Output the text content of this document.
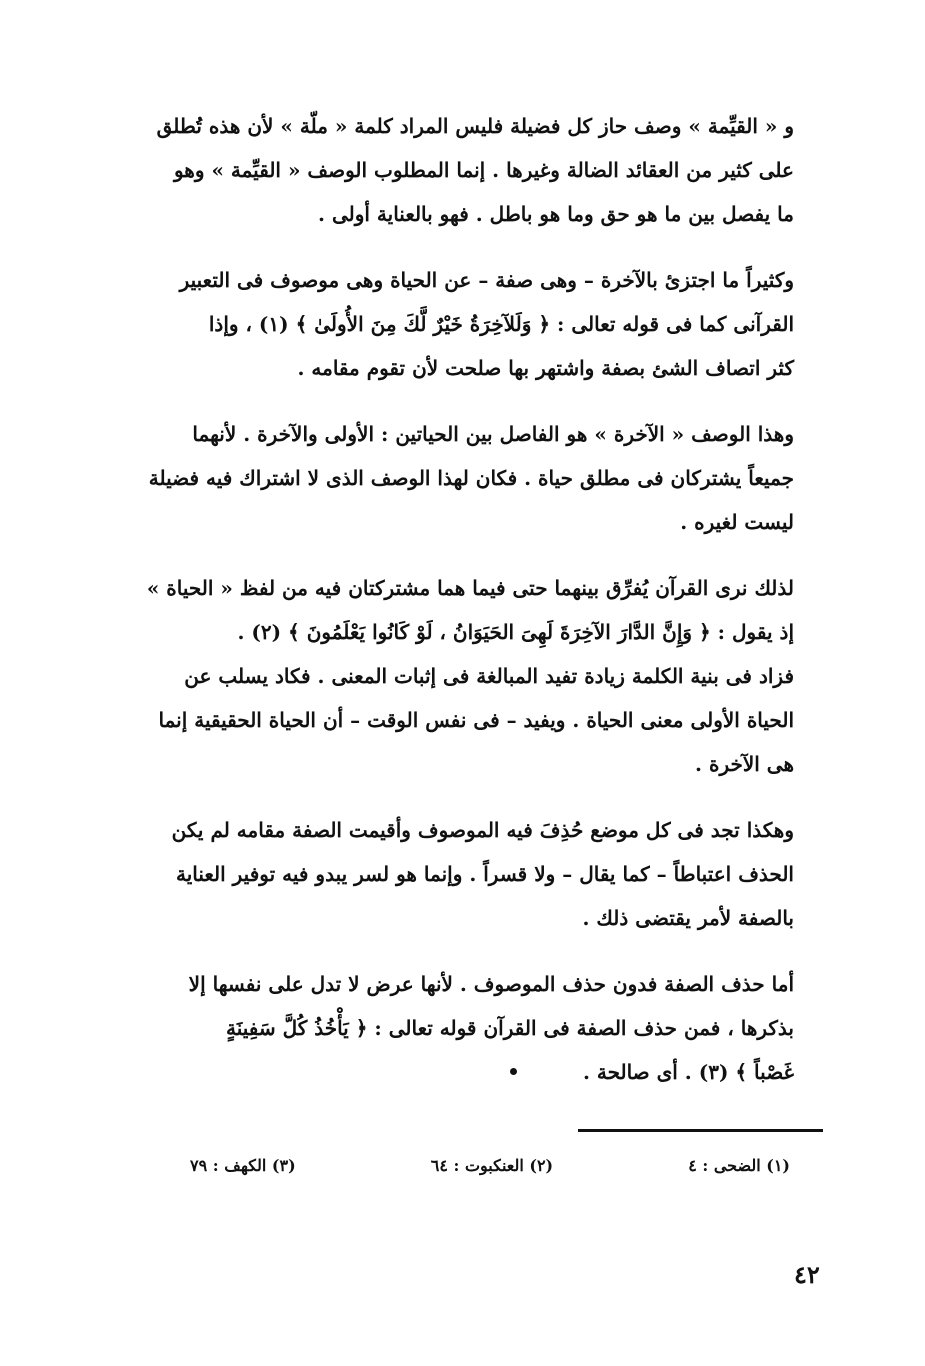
و « القيِّمة » وصف حاز كل فضيلة فليس المراد كلمة « ملّة » لأن هذه تُطلق
على كثير من العقائد الضالة وغيرها . إنما المطلوب الوصف « القيِّمة » وهو
ما يفصل بين ما هو حق وما هو باطل . فهو بالعناية أولى .
وكثيراً ما اجتزئ بالآخرة – وهى صفة – عن الحياة وهى موصوف فى التعبير
القرآنى كما فى قوله تعالى : ﴿ وَلَلآخِرَةُ خَيْرٌ لَّكَ مِنَ الأُولَىٰ ﴾ (١) ، وإذا
كثر اتصاف الشئ بصفة واشتهر بها صلحت لأن تقوم مقامه .
وهذا الوصف « الآخرة » هو الفاصل بين الحياتين : الأولى والآخرة . لأنهما
جميعاً يشتركان فى مطلق حياة . فكان لهذا الوصف الذى لا اشتراك فيه فضيلة
ليست لغيره .
لذلك نرى القرآن يُفرِّق بينهما حتى فيما هما مشتركتان فيه من لفظ « الحياة »
إذ يقول : ﴿ وَإِنَّ الدَّارَ الآخِرَةَ لَهِىَ الحَيَوَانُ ، لَوْ كَانُوا يَعْلَمُونَ ﴾ (٢) .
فزاد فى بنية الكلمة زيادة تفيد المبالغة فى إثبات المعنى . فكاد يسلب عن
الحياة الأولى معنى الحياة . ويفيد – فى نفس الوقت – أن الحياة الحقيقية إنما
هى الآخرة .
وهكذا تجد فى كل موضع حُذِفَ فيه الموصوف وأقيمت الصفة مقامه لم يكن
الحذف اعتباطاً – كما يقال – ولا قسراً . وإنما هو لسر يبدو فيه توفير العناية
بالصفة لأمر يقتضى ذلك .
أما حذف الصفة فدون حذف الموصوف . لأنها عرض لا تدل على نفسها إلا
بذكرها ، فمن حذف الصفة فى القرآن قوله تعالى : ﴿ يَأْخُذُ كُلَّ سَفِينَةٍ
غَصْباً ﴾ (٣) . أى صالحة .
(١) الضحى : ٤
(٢) العنكبوت : ٦٤
(٣) الكهف : ٧٩
٤٢
